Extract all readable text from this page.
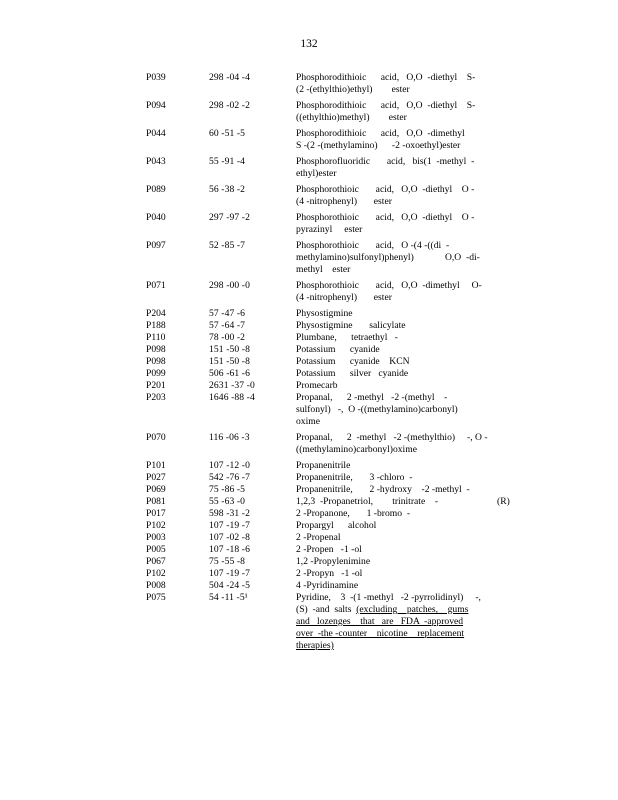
132
P039	298 -04 -4	Phosphorodithioic      acid,   O,O  -diethyl    S-
(2 -(ethylthio)ethyl)        ester
P094	298 -02 -2	Phosphorodithioic      acid,   O,O  -diethyl    S-
((ethylthio)methyl)        ester
P044	60 -51 -5	Phosphorodithioic      acid,   O,O  -dimethyl
S -(2 -(methylamino)      -2 -oxoethyl)ester
P043	55 -91 -4	Phosphorofluoridic       acid,   bis(1  -methyl  -
ethyl)ester
P089	56 -38 -2	Phosphorothioic       acid,   O,O  -diethyl    O -
(4 -nitrophenyl)       ester
P040	297 -97 -2	Phosphorothioic       acid,   O,O  -diethyl    O -
pyrazinyl     ester
P097	52 -85 -7	Phosphorothioic       acid,   O -(4 -((di  -
methylamino)sulfonyl)phenyl)             O,O  -di-
methyl    ester
P071	298 -00 -0	Phosphorothioic       acid,   O,O  -dimethyl     O-
(4 -nitrophenyl)       ester
P204	57 -47 -6	Physostigmine
P188	57 -64 -7	Physostigmine       salicylate
P110	78 -00 -2	Plumbane,      tetraethyl   -
P098	151 -50 -8	Potassium      cyanide
P098	151 -50 -8	Potassium      cyanide    KCN
P099	506 -61 -6	Potassium      silver   cyanide
P201	2631 -37 -0	Promecarb
P203	1646 -88 -4	Propanal,      2 -methyl   -2 -(methyl    -
sulfonyl)   -,  O -((methylamino)carbonyl)
oxime
P070	116 -06 -3	Propanal,      2  -methyl   -2 -(methylthio)     -, O -
((methylamino)carbonyl)oxime
P101	107 -12 -0	Propanenitrile
P027	542 -76 -7	Propanenitrile,       3 -chloro  -
P069	75 -86 -5	Propanenitrile,       2 -hydroxy    -2 -methyl  -
P081	55 -63 -0	1,2,3  -Propanetriol,        trinitrate    -	(R)
P017	598 -31 -2	2 -Propanone,       1 -bromo  -
P102	107 -19 -7	Propargyl      alcohol
P003	107 -02 -8	2 -Propenal
P005	107 -18 -6	2 -Propen   -1 -ol
P067	75 -55 -8	1,2 -Propylenimine
P102	107 -19 -7	2 -Propyn   -1 -ol
P008	504 -24 -5	4 -Pyridinamine
P075	54 -11 -5¹	Pyridine,    3  -(1 -methyl   -2 -pyrrolidinyl)     -,
(S)  -and  salts  (excluding    patches,    gums
and   lozenges    that   are   FDA  -approved
over  -the -counter    nicotine    replacement
therapies)
